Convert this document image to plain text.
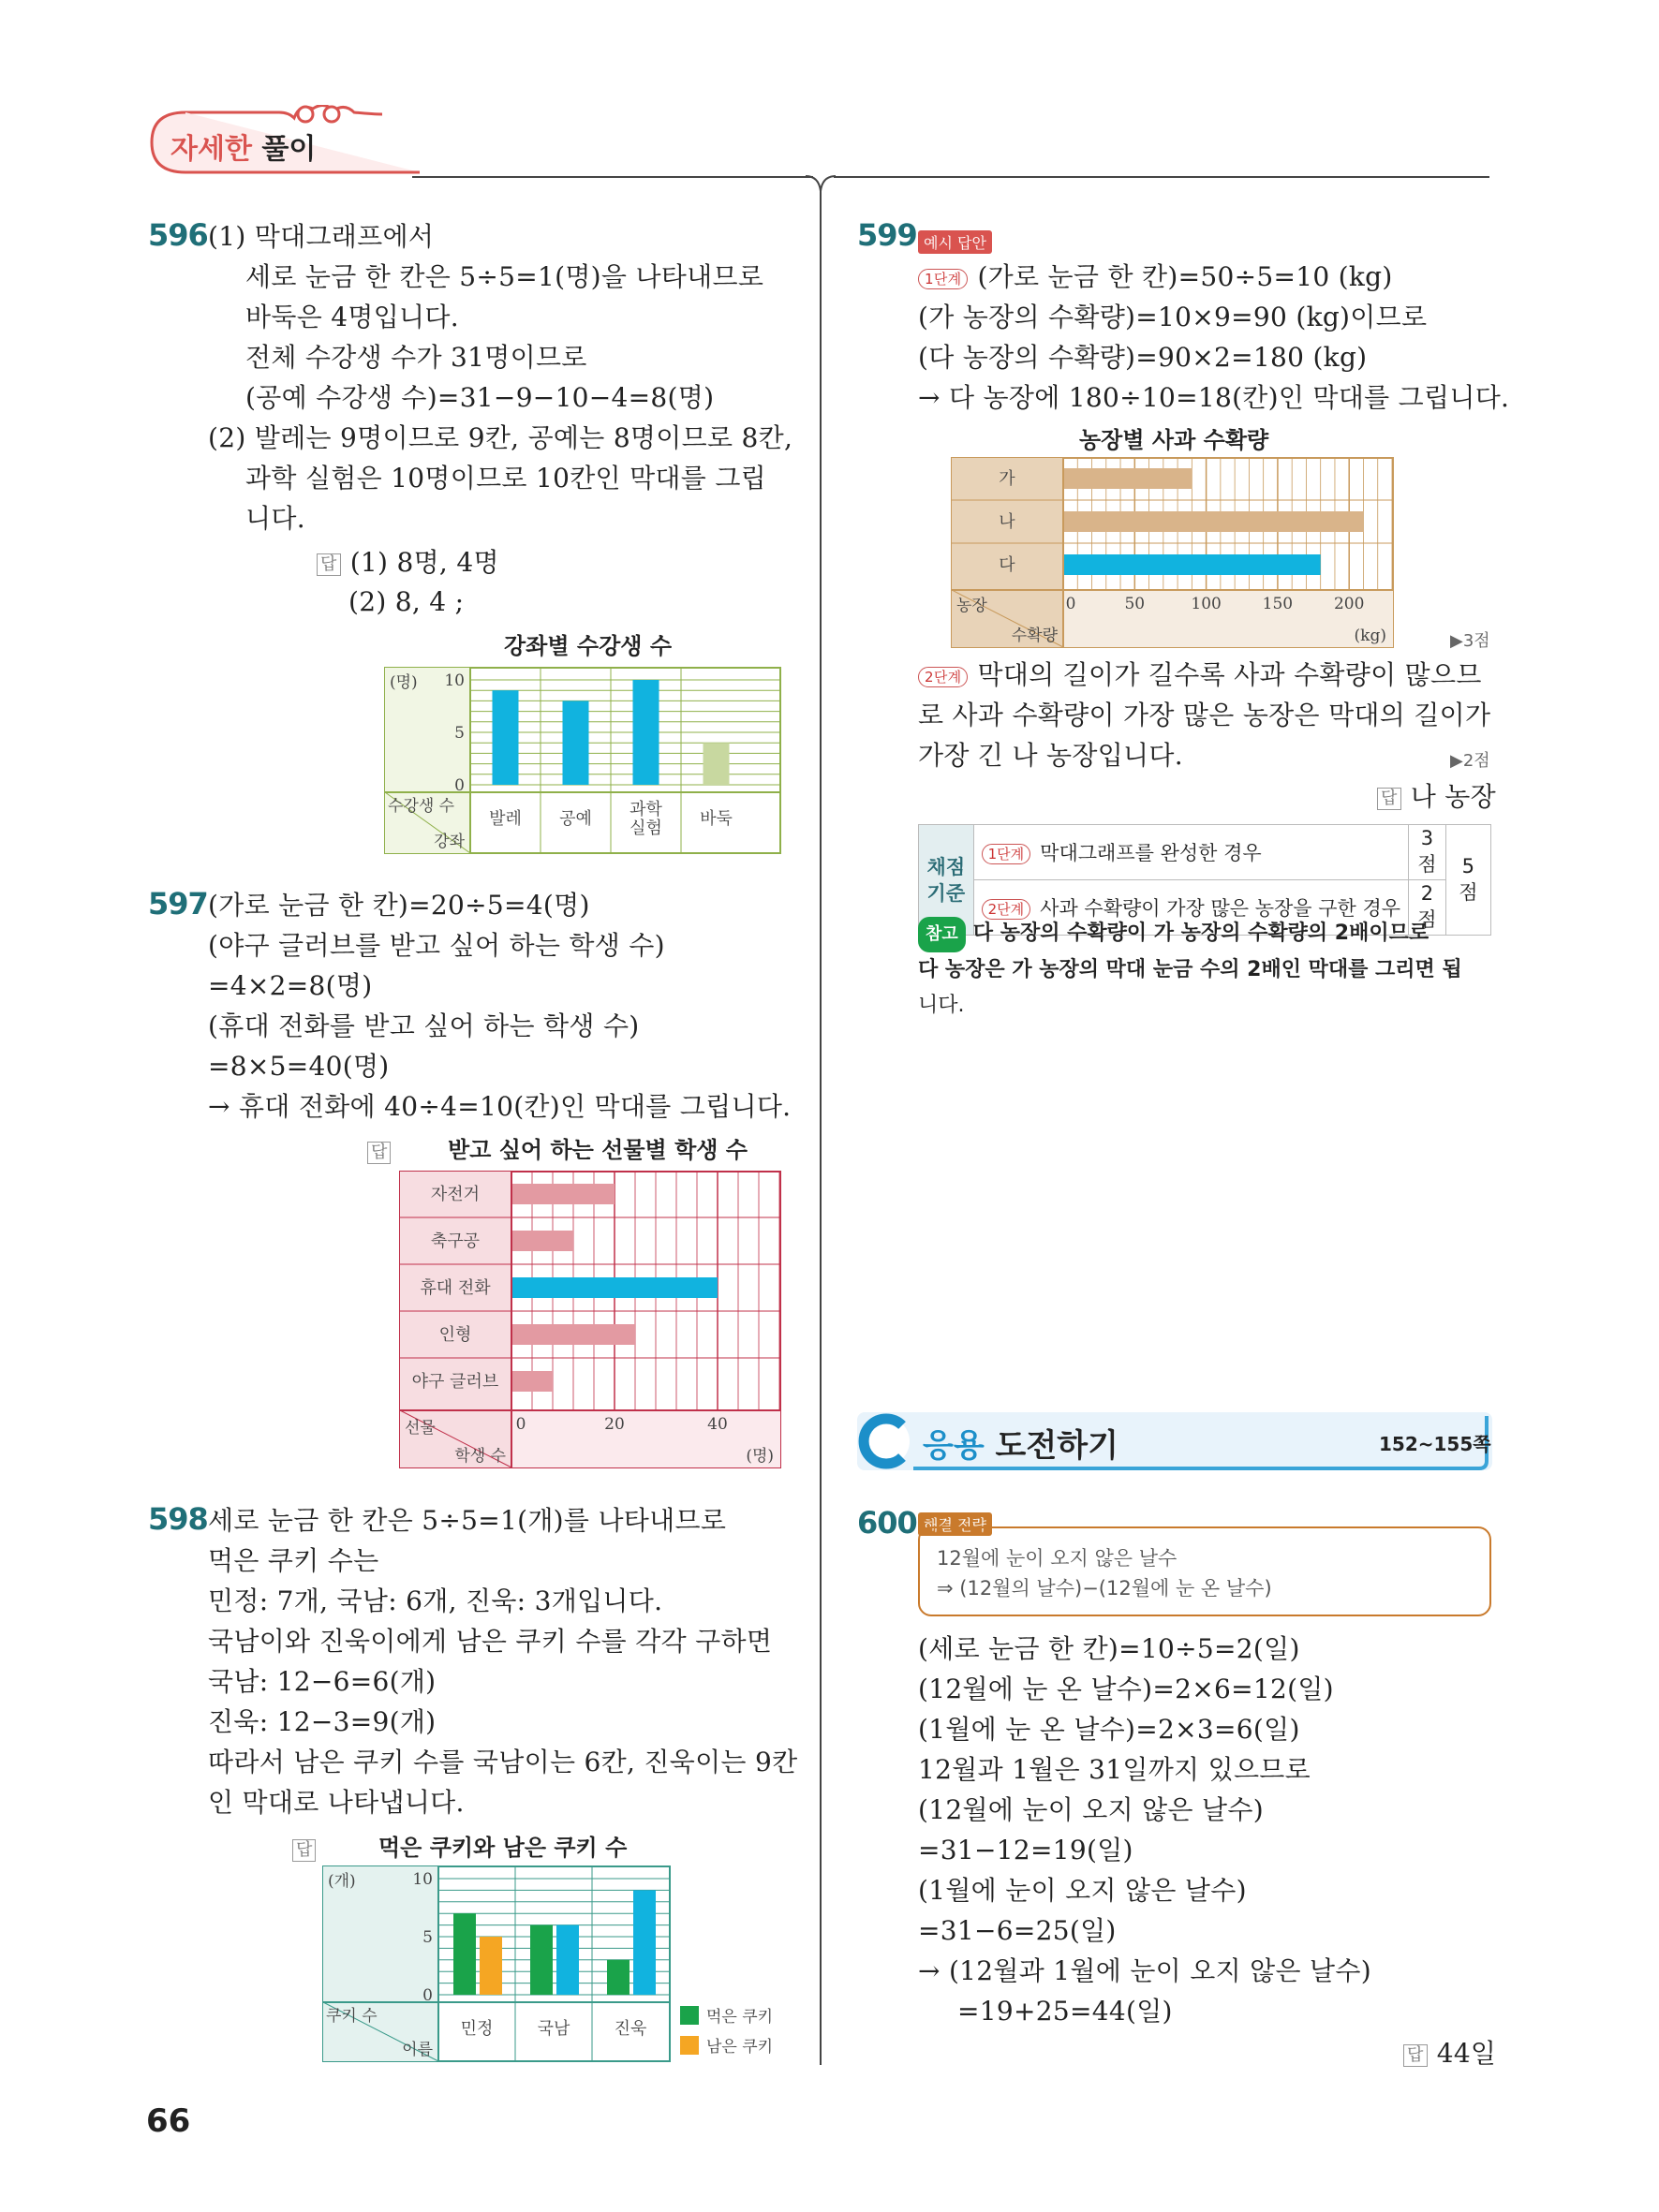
자세한 풀이
596 (1) 막대그래프에서
세로 눈금 한 칸은 5÷5=1(명)을 나타내므로
바둑은 4명입니다.
전체 수강생 수가 31명이므로
(공예 수강생 수)=31−9−10−4=8(명)
(2) 발레는 9명이므로 9칸, 공예는 8명이므로 8칸,
과학 실험은 10명이므로 10칸인 막대를 그립
니다.
답 (1) 8명, 4명
(2) 8, 4 ;
강좌별 수강생 수
발레 공예 과학
실험 바둑
0
5
10
(명)
수강생 수
강좌
597 (가로 눈금 한 칸)=20÷5=4(명)
(야구 글러브를 받고 싶어 하는 학생 수)
=4×2=8(명)
(휴대 전화를 받고 싶어 하는 학생 수)
=8×5=40(명)
→ 휴대 전화에 40÷4=10(칸)인 막대를 그립니다.
답	받고 싶어 하는 선물별 학생 수
자전거
축구공
휴대 전화
인형
야구 글러브
0	20	40
(명)
선물
학생 수
598 세로 눈금 한 칸은 5÷5=1(개)를 나타내므로
먹은 쿠키 수는
민정: 7개, 국남: 6개, 진욱: 3개입니다.
국남이와 진욱이에게 남은 쿠키 수를 각각 구하면
국남: 12−6=6(개)
진욱: 12−3=9(개)
따라서 남은 쿠키 수를 국남이는 6칸, 진욱이는 9칸
인 막대로 나타냅니다.
답	먹은 쿠키와 남은 쿠키 수
민정	국남	진욱
0
5
10
(개)
쿠키 수
이름
먹은 쿠키
남은 쿠키
66
599 예시 답안
1단계 (가로 눈금 한 칸)=50÷5=10 (kg)
(가 농장의 수확량)=10×9=90 (kg)이므로
(다 농장의 수확량)=90×2=180 (kg)
→ 다 농장에 180÷10=18(칸)인 막대를 그립니다.
농장별 사과 수확량
가
나
다
0	50	100	150	200
(kg)
농장
수확량	▶3점
2단계 막대의 길이가 길수록 사과 수확량이 많으므
로 사과 수확량이 가장 많은 농장은 막대의 길이가
가장 긴 나 농장입니다.	▶2점
답 나 농장
채점
기준	1단계 막대그래프를 완성한 경우	3점	5점
	2단계 사과 수확량이 가장 많은 농장을 구한 경우	2점	
참고 다 농장의 수확량이 가 농장의 수확량의 2배이므로
다 농장은 가 농장의 막대 눈금 수의 2배인 막대를 그리면 됩
니다.
응용 도전하기	152~155쪽
600 해결 전략
12월에 눈이 오지 않은 날수
⇒ (12월의 날수)−(12월에 눈 온 날수)
(세로 눈금 한 칸)=10÷5=2(일)
(12월에 눈 온 날수)=2×6=12(일)
(1월에 눈 온 날수)=2×3=6(일)
12월과 1월은 31일까지 있으므로
(12월에 눈이 오지 않은 날수)
=31−12=19(일)
(1월에 눈이 오지 않은 날수)
=31−6=25(일)
→ (12월과 1월에 눈이 오지 않은 날수)
=19+25=44(일)
답 44일
